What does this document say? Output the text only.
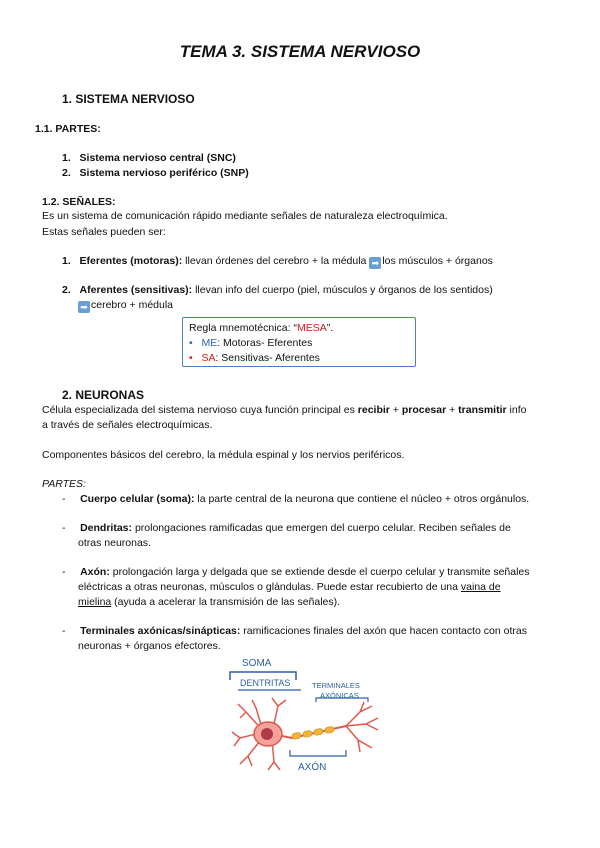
TEMA 3. SISTEMA NERVIOSO
1. SISTEMA NERVIOSO
1.1. PARTES:
1. Sistema nervioso central (SNC)
2. Sistema nervioso periférico (SNP)
1.2. SEÑALES:
Es un sistema de comunicación rápido mediante señales de naturaleza electroquímica.
Estas señales pueden ser:
1. Eferentes (motoras): llevan órdenes del cerebro + la médula ➡ los músculos + órganos
2. Aferentes (sensitivas): llevan info del cuerpo (piel, músculos y órganos de los sentidos)
➡ cerebro + médula
Regla mnemotécnica: “MESA”.
• ME: Motoras- Eferentes
• SA: Sensitivas- Aferentes
2. NEURONAS
Célula especializada del sistema nervioso cuya función principal es recibir + procesar + transmitir info
a través de señales electroquímicas.
Componentes básicos del cerebro, la médula espinal y los nervios periféricos.
PARTES:
- Cuerpo celular (soma): la parte central de la neurona que contiene el núcleo + otros orgánulos.
- Dendritas: prolongaciones ramificadas que emergen del cuerpo celular. Reciben señales de
otras neuronas.
- Axón: prolongación larga y delgada que se extiende desde el cuerpo celular y transmite señales
eléctricas a otras neuronas, músculos o glándulas. Puede estar recubierto de una vaina de
mielina (ayuda a acelerar la transmisión de las señales).
- Terminales axónicas/sinápticas: ramificaciones finales del axón que hacen contacto con otras
neuronas + órganos efectores.
SOMA
DENTRITAS	TERMINALES
AXÓNICAS
AXÓN
